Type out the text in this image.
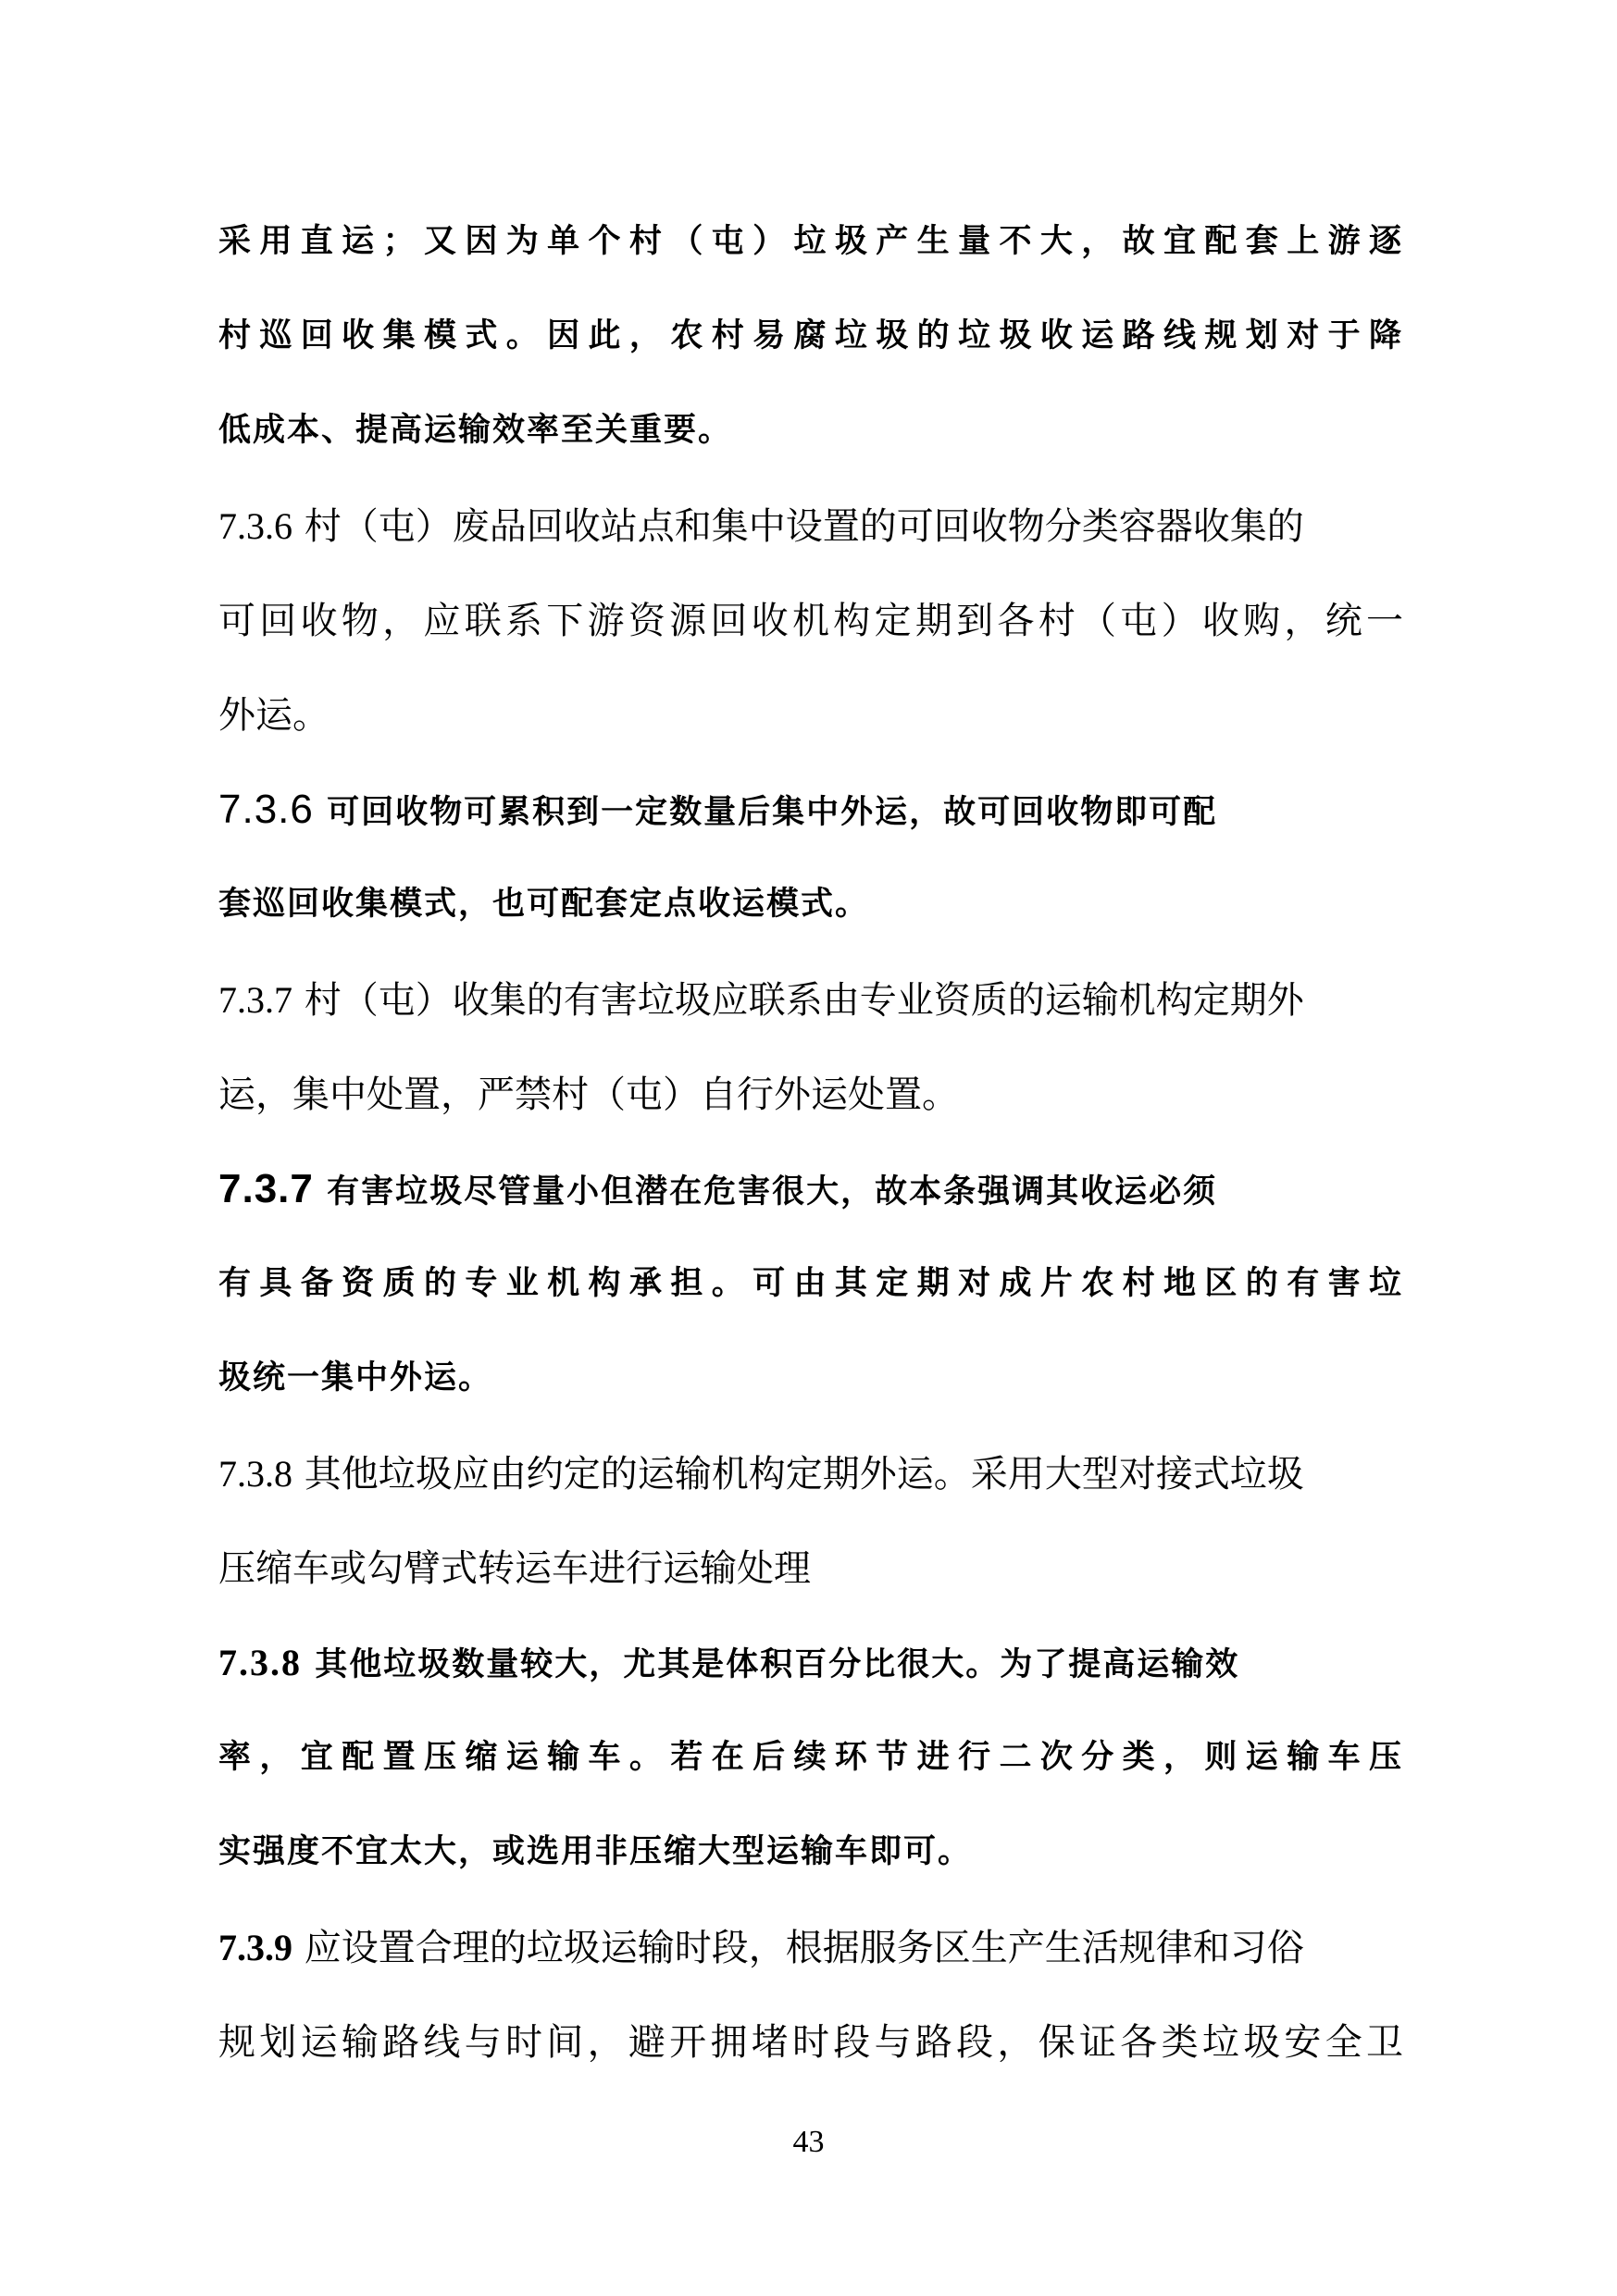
采用直运；又因为单个村（屯）垃圾产生量不大，故宜配套上游逐
村巡回收集模式。因此，农村易腐垃圾的垃圾收运路线规划对于降
低成本、提高运输效率至关重要。
7.3.6 村（屯）废品回收站点和集中设置的可回收物分类容器收集的
可回收物，应联系下游资源回收机构定期到各村（屯）收购，统一
外运。
7.3.6 可回收物可累积到一定数量后集中外运，故可回收物即可配
套巡回收集模式，也可配套定点收运模式。
7.3.7 村（屯）收集的有害垃圾应联系由专业资质的运输机构定期外
运，集中处置，严禁村（屯）自行外运处置。
7.3.7 有害垃圾尽管量小但潜在危害很大，故本条强调其收运必须
有具备资质的专业机构承担。可由其定期对成片农村地区的有害垃
圾统一集中外运。
7.3.8 其他垃圾应由约定的运输机构定期外运。采用大型对接式垃圾
压缩车或勾臂式转运车进行运输处理
7.3.8 其他垃圾数量较大，尤其是体积百分比很大。为了提高运输效
率，宜配置压缩运输车。若在后续环节进行二次分类，则运输车压
实强度不宜太大，或选用非压缩大型运输车即可。
7.3.9 应设置合理的垃圾运输时段，根据服务区生产生活规律和习俗
规划运输路线与时间，避开拥堵时段与路段，保证各类垃圾安全卫
43
